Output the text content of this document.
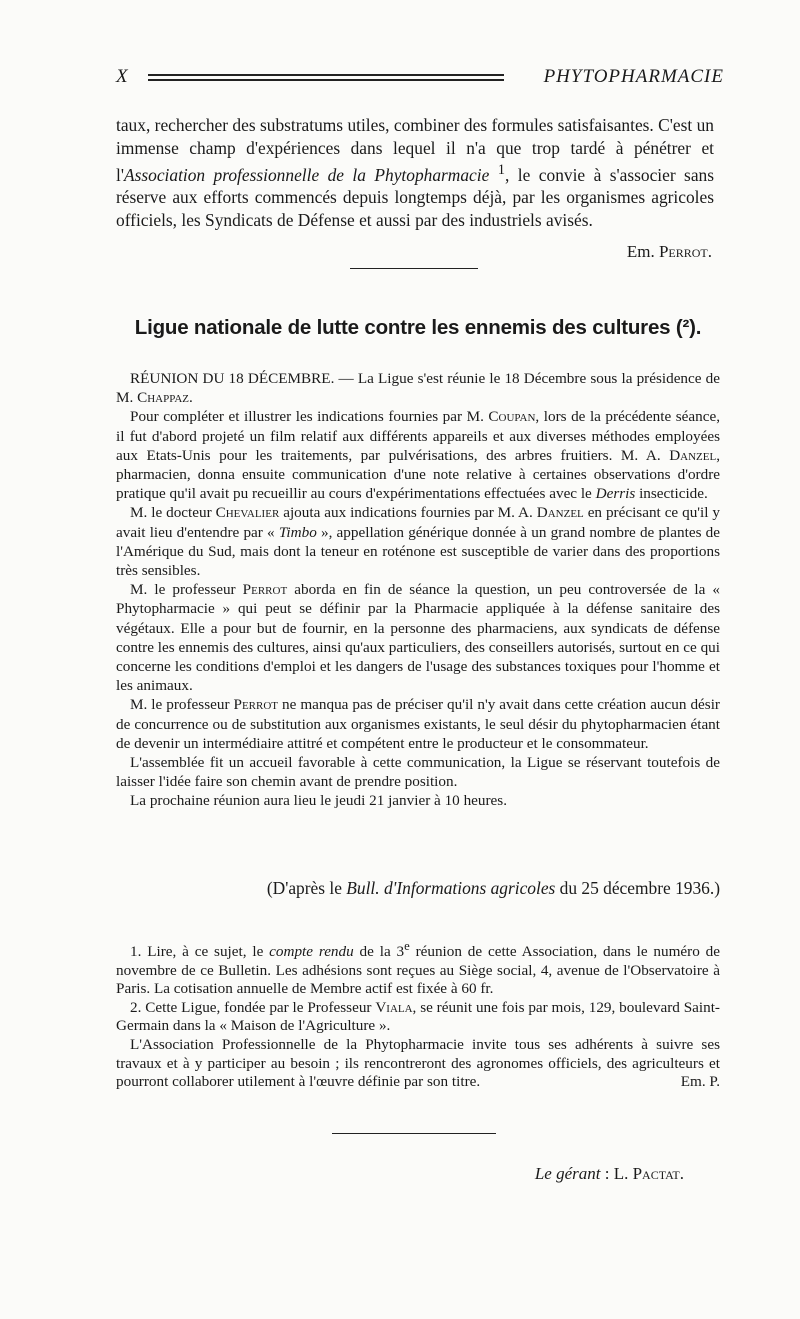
X	PHYTOPHARMACIE

taux, rechercher des substratums utiles, combiner des formules satisfaisantes. C'est un immense champ d'expériences dans lequel il n'a que trop tardé à pénétrer et l'Association professionnelle de la Phytopharmacie $^1$, le convie à s'associer sans réserve aux efforts commencés depuis longtemps déjà, par les organismes agricoles officiels, les Syndicats de Défense et aussi par des industriels avisés.

Em. Perrot.
Ligue nationale de lutte contre les ennemis des cultures (²).

RÉUNION DU 18 DÉCEMBRE. — La Ligue s'est réunie le 18 Décembre sous la présidence de M. Chappaz.

Pour compléter et illustrer les indications fournies par M. Coupan, lors de la précédente séance, il fut d'abord projeté un film relatif aux différents appareils et aux diverses méthodes employées aux Etats-Unis pour les traitements, par pulvérisations, des arbres fruitiers. M. A. Danzel, pharmacien, donna ensuite communication d'une note relative à certaines observations d'ordre pratique qu'il avait pu recueillir au cours d'expérimentations effectuées avec le Derris insecticide.

M. le docteur Chevalier ajouta aux indications fournies par M. A. Danzel en précisant ce qu'il y avait lieu d'entendre par « Timbo », appellation générique donnée à un grand nombre de plantes de l'Amérique du Sud, mais dont la teneur en roténone est susceptible de varier dans des proportions très sensibles.

M. le professeur Perrot aborda en fin de séance la question, un peu controversée de la « Phytopharmacie » qui peut se définir par la Pharmacie appliquée à la défense sanitaire des végétaux. Elle a pour but de fournir, en la personne des pharmaciens, aux syndicats de défense contre les ennemis des cultures, ainsi qu'aux particuliers, des conseillers autorisés, surtout en ce qui concerne les conditions d'emploi et les dangers de l'usage des substances toxiques pour l'homme et les animaux.

M. le professeur Perrot ne manqua pas de préciser qu'il n'y avait dans cette création aucun désir de concurrence ou de substitution aux organismes existants, le seul désir du phytopharmacien étant de devenir un intermédiaire attitré et compétent entre le producteur et le consommateur.

L'assemblée fit un accueil favorable à cette communication, la Ligue se réservant toutefois de laisser l'idée faire son chemin avant de prendre position.

La prochaine réunion aura lieu le jeudi 21 janvier à 10 heures.

(D'après le Bull. d'Informations agricoles du 25 décembre 1936.)

1. Lire, à ce sujet, le compte rendu de la 3e réunion de cette Association, dans le numéro de novembre de ce Bulletin. Les adhésions sont reçues au Siège social, 4, avenue de l'Observatoire à Paris. La cotisation annuelle de Membre actif est fixée à 60 fr.

2. Cette Ligue, fondée par le Professeur Viala, se réunit une fois par mois, 129, boulevard Saint-Germain dans la « Maison de l'Agriculture ».

L'Association Professionnelle de la Phytopharmacie invite tous ses adhérents à suivre ses travaux et à y participer au besoin ; ils rencontreront des agronomes officiels, des agriculteurs et pourront collaborer utilement à l'œuvre définie par son titre.	Em. P.

Le gérant : L. Pactat.
